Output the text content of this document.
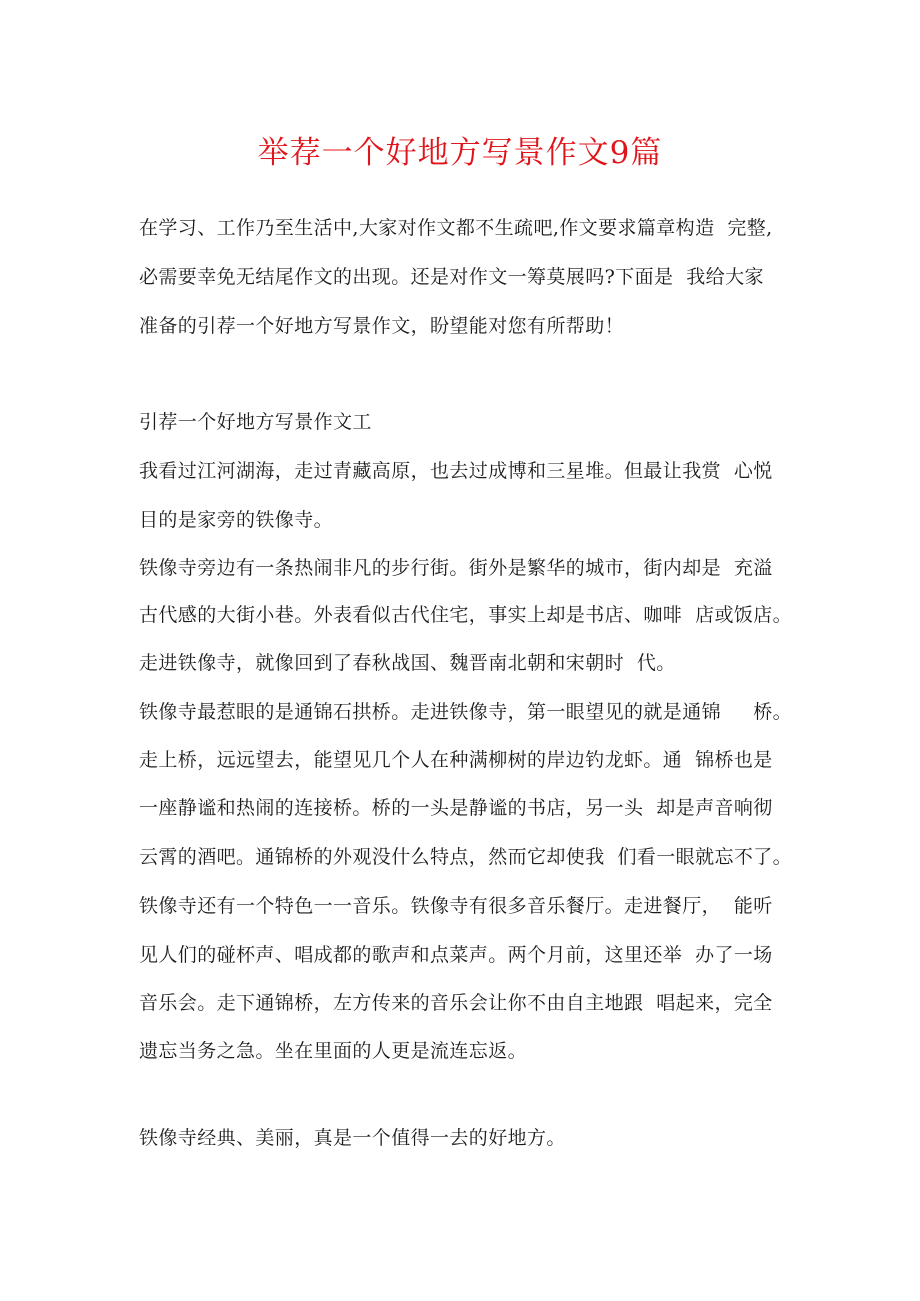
举荐一个好地方写景作文9篇
在学习、工作乃至生活中,大家对作文都不生疏吧,作文要求篇章构造  完整,
必需要幸免无结尾作文的出现。还是对作文一筹莫展吗?下面是  我给大家
准备的引荐一个好地方写景作文，盼望能对您有所帮助！
引荐一个好地方写景作文工
我看过江河湖海，走过青藏高原，也去过成博和三星堆。但最让我赏  心悦
目的是家旁的铁像寺。
铁像寺旁边有一条热闹非凡的步行街。街外是繁华的城市，街内却是  充溢
古代感的大街小巷。外表看似古代住宅，事实上却是书店、咖啡  店或饭店。
走进铁像寺，就像回到了春秋战国、魏晋南北朝和宋朝时  代。
铁像寺最惹眼的是通锦石拱桥。走进铁像寺，第一眼望见的就是通锦     桥。
走上桥，远远望去，能望见几个人在种满柳树的岸边钓龙虾。通  锦桥也是
一座静谧和热闹的连接桥。桥的一头是静谧的书店，另一头  却是声音响彻
云霄的酒吧。通锦桥的外观没什么特点，然而它却使我  们看一眼就忘不了。
铁像寺还有一个特色一一音乐。铁像寺有很多音乐餐厅。走进餐厅，  能听
见人们的碰杯声、唱成都的歌声和点菜声。两个月前，这里还举  办了一场
音乐会。走下通锦桥，左方传来的音乐会让你不由自主地跟  唱起来，完全
遗忘当务之急。坐在里面的人更是流连忘返。
铁像寺经典、美丽，真是一个值得一去的好地方。
